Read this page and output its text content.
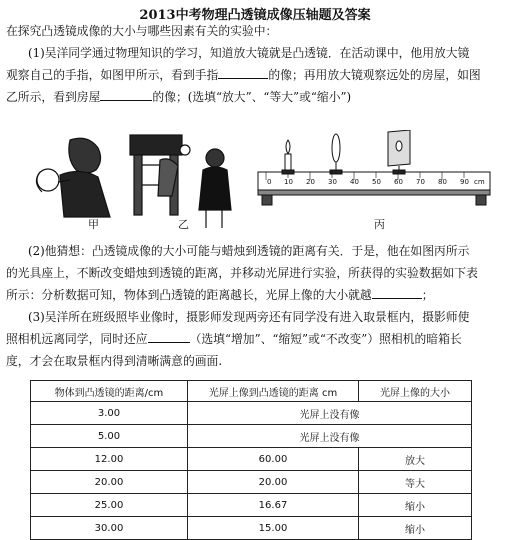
2013中考物理凸透镜成像压轴题及答案
在探究凸透镜成像的大小与哪些因素有关的实验中：
(1)吴洋同学通过物理知识的学习，知道放大镜就是凸透镜．在活动课中，他用放大镜
观察自己的手指，如图甲所示，看到手指	的像；再用放大镜观察远处的房屋，如图
乙所示，看到房屋	的像；(选填“放大”、“等大”或“缩小”)
0 10 20 30 40 50 60 70 80 90 cm
甲	乙	丙
(2)他猜想：凸透镜成像的大小可能与蜡烛到透镜的距离有关．于是，他在如图丙所示
的光具座上，不断改变蜡烛到透镜的距离，并移动光屏进行实验，所获得的实验数据如下表
所示：分析数据可知，物体到凸透镜的距离越长，光屏上像的大小就越	；
(3)吴洋所在班级照毕业像时，摄影师发现两旁还有同学没有进入取景框内，摄影师使
照相机远离同学，同时还应	（选填“增加”、“缩短”或“不改变”）照相机的暗箱长
度，才会在取景框内得到清晰满意的画面.
物体到凸透镜的距离/cm	光屏上像到凸透镜的距离 cm	光屏上像的大小
3.00	光屏上没有像	
5.00	光屏上没有像	
12.00	60.00	放大
20.00	20.00	等大
25.00	16.67	缩小
30.00	15.00	缩小
